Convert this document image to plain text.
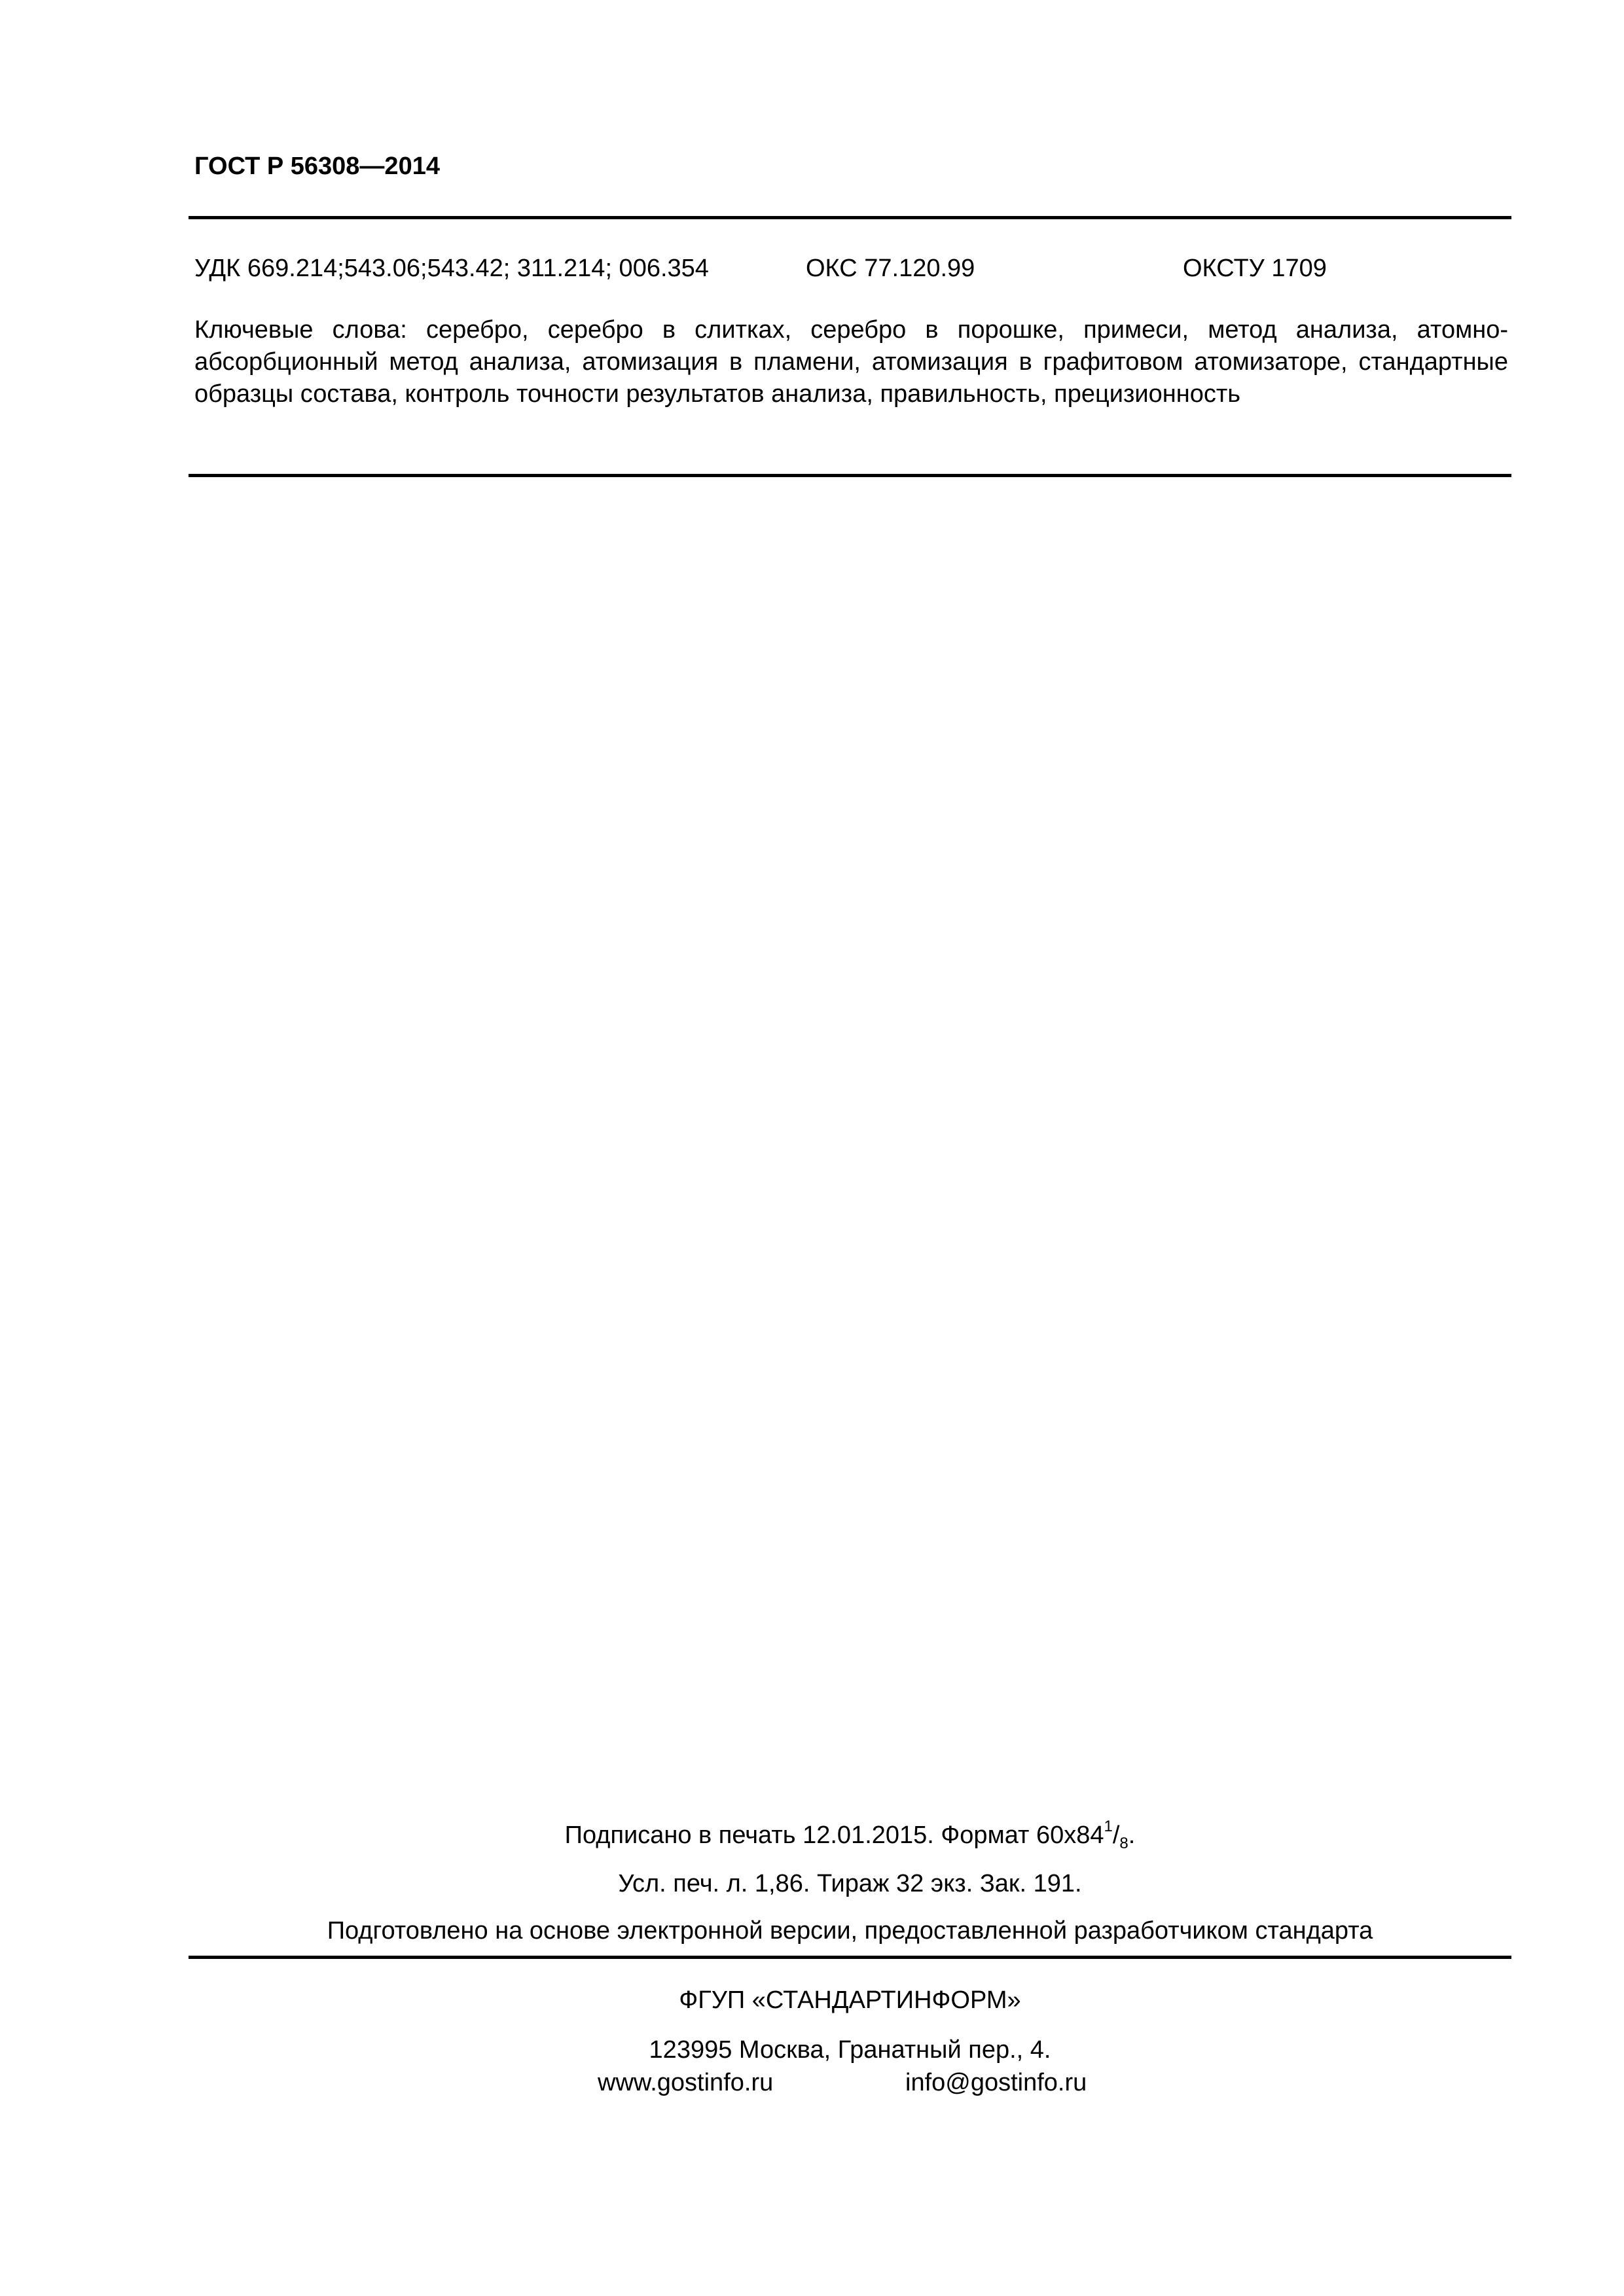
ГОСТ Р 56308—2014
УДК 669.214;543.06;543.42; 311.214; 006.354	ОКС 77.120.99	ОКСТУ 1709
Ключевые слова: серебро, серебро в слитках, серебро в порошке, примеси, метод анализа, атомно-абсорбционный метод анализа, атомизация в пламени, атомизация в графитовом атомизаторе, стандартные образцы состава, контроль точности результатов анализа, правильность, прецизионность
Подписано в печать 12.01.2015. Формат $60x84^1/_8$.
Усл. печ. л. 1,86. Тираж 32 экз. Зак. 191.
Подготовлено на основе электронной версии, предоставленной разработчиком стандарта
ФГУП «СТАНДАРТИНФОРМ»
123995 Москва, Гранатный пер., 4.
www.gostinfo.ru	info@gostinfo.ru
